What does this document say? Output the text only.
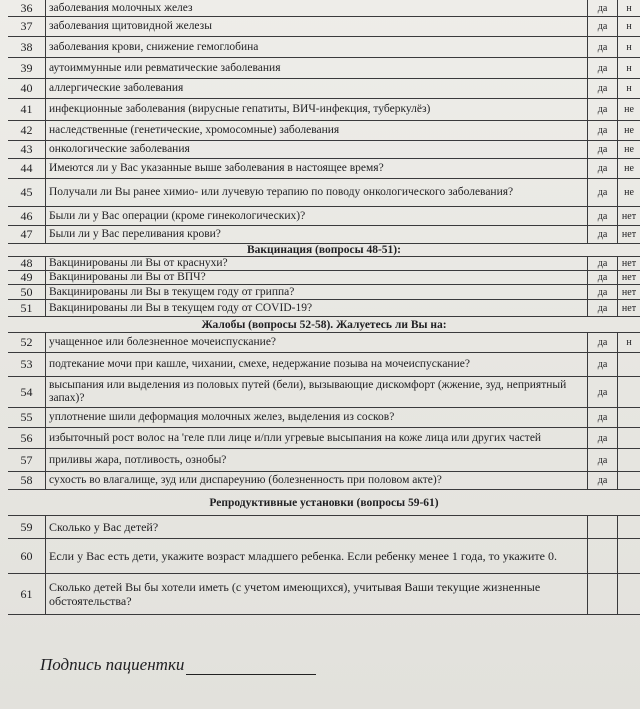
36	заболевания молочных желез	да	н
37	заболевания щитовидной железы	да	н
38	заболевания крови, снижение гемоглобина	да	н
39	аутоиммунные или ревматические заболевания	да	н
40	аллергические заболевания	да	н
41	инфекционные заболевания (вирусные гепатиты, ВИЧ-инфекция, туберкулёз)	да	не
42	наследственные (генетические, хромосомные) заболевания	да	не
43	онкологические заболевания	да	не
44	Имеются ли у Вас указанные выше заболевания в настоящее время?	да	не
45	Получали ли Вы ранее химио- или лучевую терапию по поводу онкологического заболевания?	да	не
46	Были ли у Вас операции (кроме гинекологических)?	да	нет
47	Были ли у Вас переливания крови?	да	нет
Вакцинация (вопросы 48-51):
48	Вакцинированы ли Вы от краснухи?	да	нет
49	Вакцинированы ли Вы от ВПЧ?	да	нет
50	Вакцинированы ли Вы в текущем году от гриппа?	да	нет
51	Вакцинированы ли Вы в текущем году от COVID-19?	да	нет
Жалобы (вопросы 52-58). Жалуетесь ли Вы на:
52	учащенное или болезненное мочеиспускание?	да	н
53	подтекание мочи при кашле, чихании, смехе, недержание позыва на мочеиспускание?	да
54	высыпания или выделения из половых путей (бели), вызывающие дискомфорт (жжение, зуд, неприятный запах)?	да
55	уплотнение шили деформация молочных желез, выделения из сосков?	да
56	избыточный рост волос на 'геле пли лице и/пли угревые высыпания на коже лица или других частей	да
57	приливы жара, потливость, ознобы?	да
58	сухость во влагалище, зуд или диспареунию (болезненность при половом акте)?	да
Репродуктивные установки (вопросы 59-61)
59	Сколько у Вас детей?
60	Если у Вас есть дети, укажите возраст младшего ребенка. Если ребенку менее 1 года, то укажите 0.
61	Сколько детей Вы бы хотели иметь (с учетом имеющихся), учитывая Ваши текущие жизненные обстоятельства?
Подпись пациентки
